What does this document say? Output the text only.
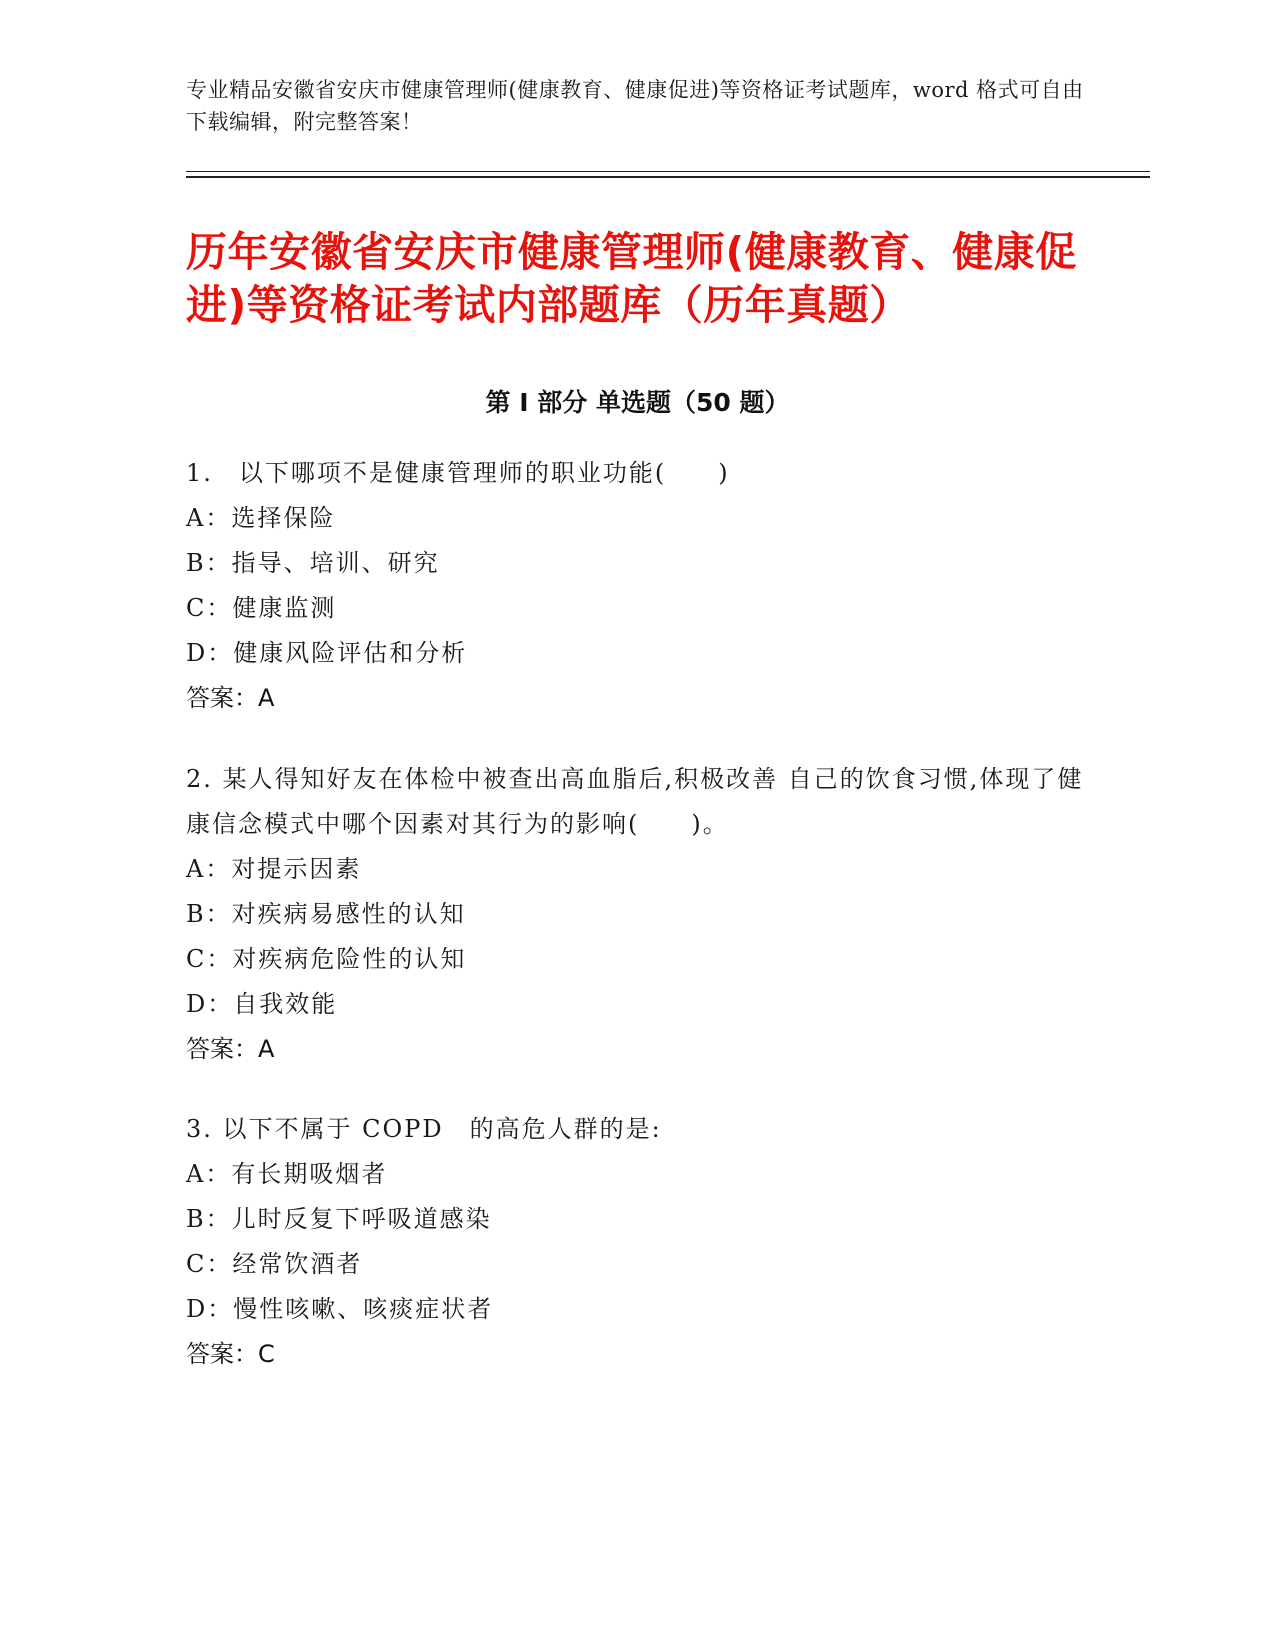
专业精品安徽省安庆市健康管理师(健康教育、健康促进)等资格证考试题库，word 格式可自由下载编辑，附完整答案！
历年安徽省安庆市健康管理师(健康教育、健康促进)等资格证考试内部题库（历年真题）
第 I 部分 单选题（50 题）

1.　以下哪项不是健康管理师的职业功能(　　)

A：选择保险

B：指导、培训、研究

C：健康监测

D：健康风险评估和分析

答案：A

2. 某人得知好友在体检中被查出高血脂后,积极改善 自己的饮食习惯,体现了健康信念模式中哪个因素对其行为的影响(　　)。

A：对提示因素

B：对疾病易感性的认知

C：对疾病危险性的认知

D：自我效能

答案：A

3. 以下不属于 COPD　的高危人群的是:

A：有长期吸烟者

B：儿时反复下呼吸道感染

C：经常饮酒者

D：慢性咳嗽、咳痰症状者

答案：C
